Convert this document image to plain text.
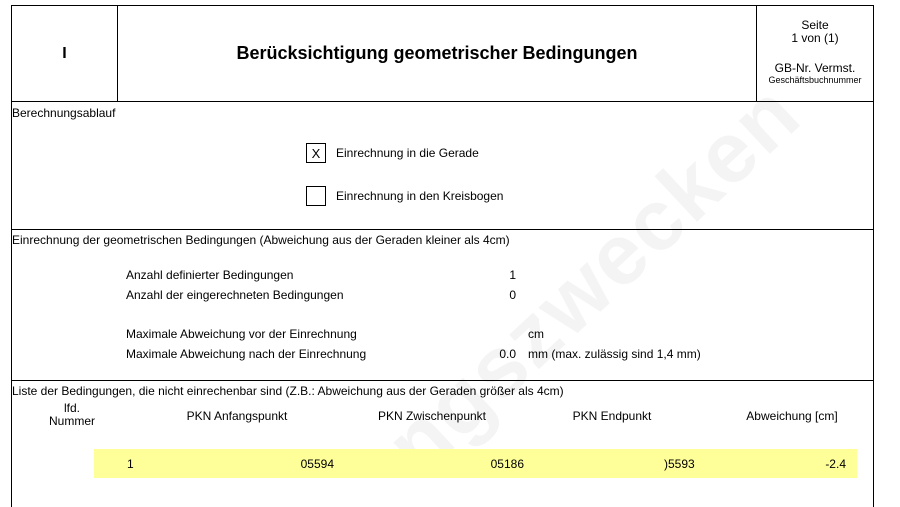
I	Berücksichtigung geometrischer Bedingungen
Seite
1 von (1)
GB-Nr. Vermst.
Geschäftsbuchnummer
Berechnungsablauf
X	Einrechnung in die Gerade
Einrechnung in den Kreisbogen
Einrechnung der geometrischen Bedingungen (Abweichung aus der Geraden kleiner als 4cm)
Anzahl definierter Bedingungen	1
Anzahl der eingerechneten Bedingungen	0
Maximale Abweichung vor der Einrechnung	cm
Maximale Abweichung nach der Einrechnung	0.0 mm (max. zulässig sind 1,4 mm)
Liste der Bedingungen, die nicht einrechenbar sind (Z.B.: Abweichung aus der Geraden größer als 4cm)
lfd.
Nummer	PKN Anfangspunkt	PKN Zwischenpunkt	PKN Endpunkt	Abweichung [cm]
1	05594	05186	)5593	-2.4
